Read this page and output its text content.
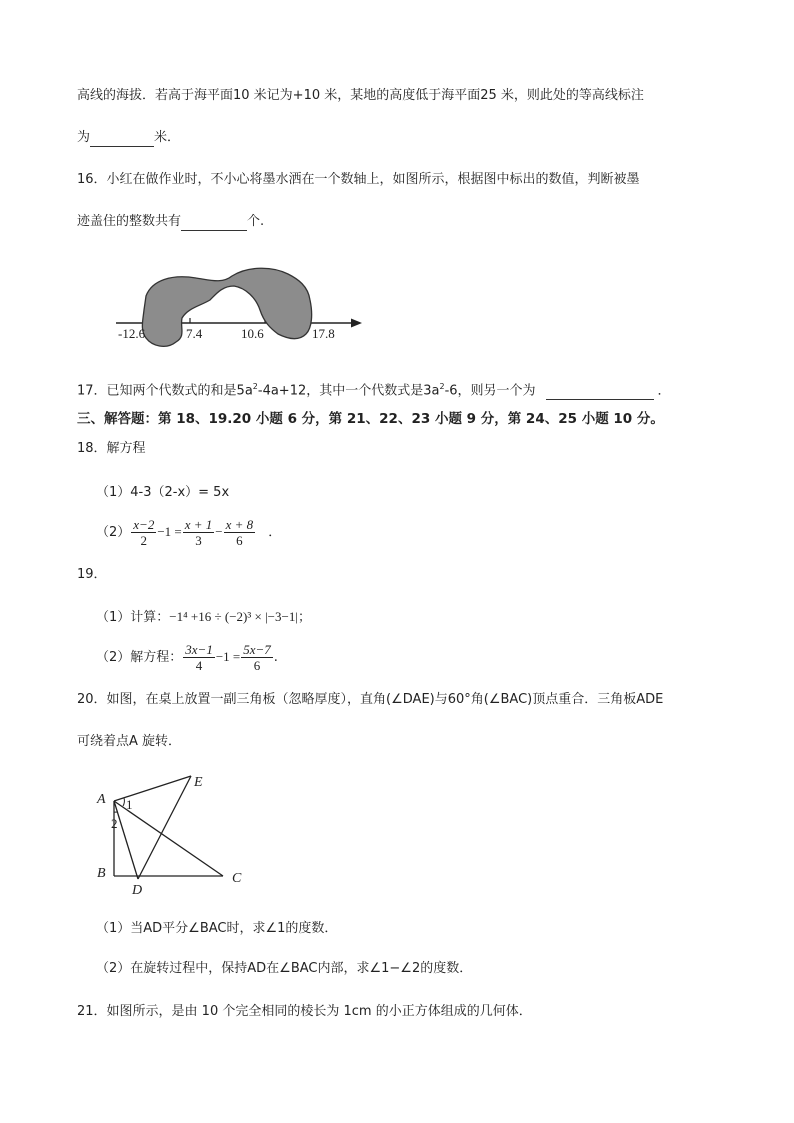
高线的海拔．若高于海平面10 米记为+10 米，某地的高度低于海平面25 米，则此处的等高线标注
为	米．
16．小红在做作业时，不小心将墨水洒在一个数轴上，如图所示，根据图中标出的数值，判断被墨
迹盖住的整数共有	个.
-12.6	7.4	10.6	17.8
17．已知两个代数式的和是$5a^2-4a+12$，其中一个代数式是$3a^2-6$，则另一个为	．
三、解答题：第 18、19.20 小题 6 分，第 21、22、23 小题 9 分，第 24、25 小题 10 分。
18．解方程
（1）4-3（2-x）= 5x
$(2) \frac{x-2}{2} -1 = \frac{x + 1}{3} - \frac{x + 8}{6}$ ．
19．
（1）计算：−1⁴ +16 ÷ (−2)³ × |−3−1|；
（2）解方程： $\frac{3x-1}{4} -1 = \frac{5x-7}{6}$ .
20．如图，在桌上放置一副三角板（忽略厚度），直角(∠DAE)与60°角(∠BAC)顶点重合．三角板ADE
可绕着点A 旋转．
A
E
1
2
B
D
C
（1）当AD平分∠BAC时，求∠1的度数．
（2）在旋转过程中，保持AD在∠BAC内部，求∠1−∠2的度数．
21．如图所示，是由 10 个完全相同的棱长为 1cm 的小正方体组成的几何体．
